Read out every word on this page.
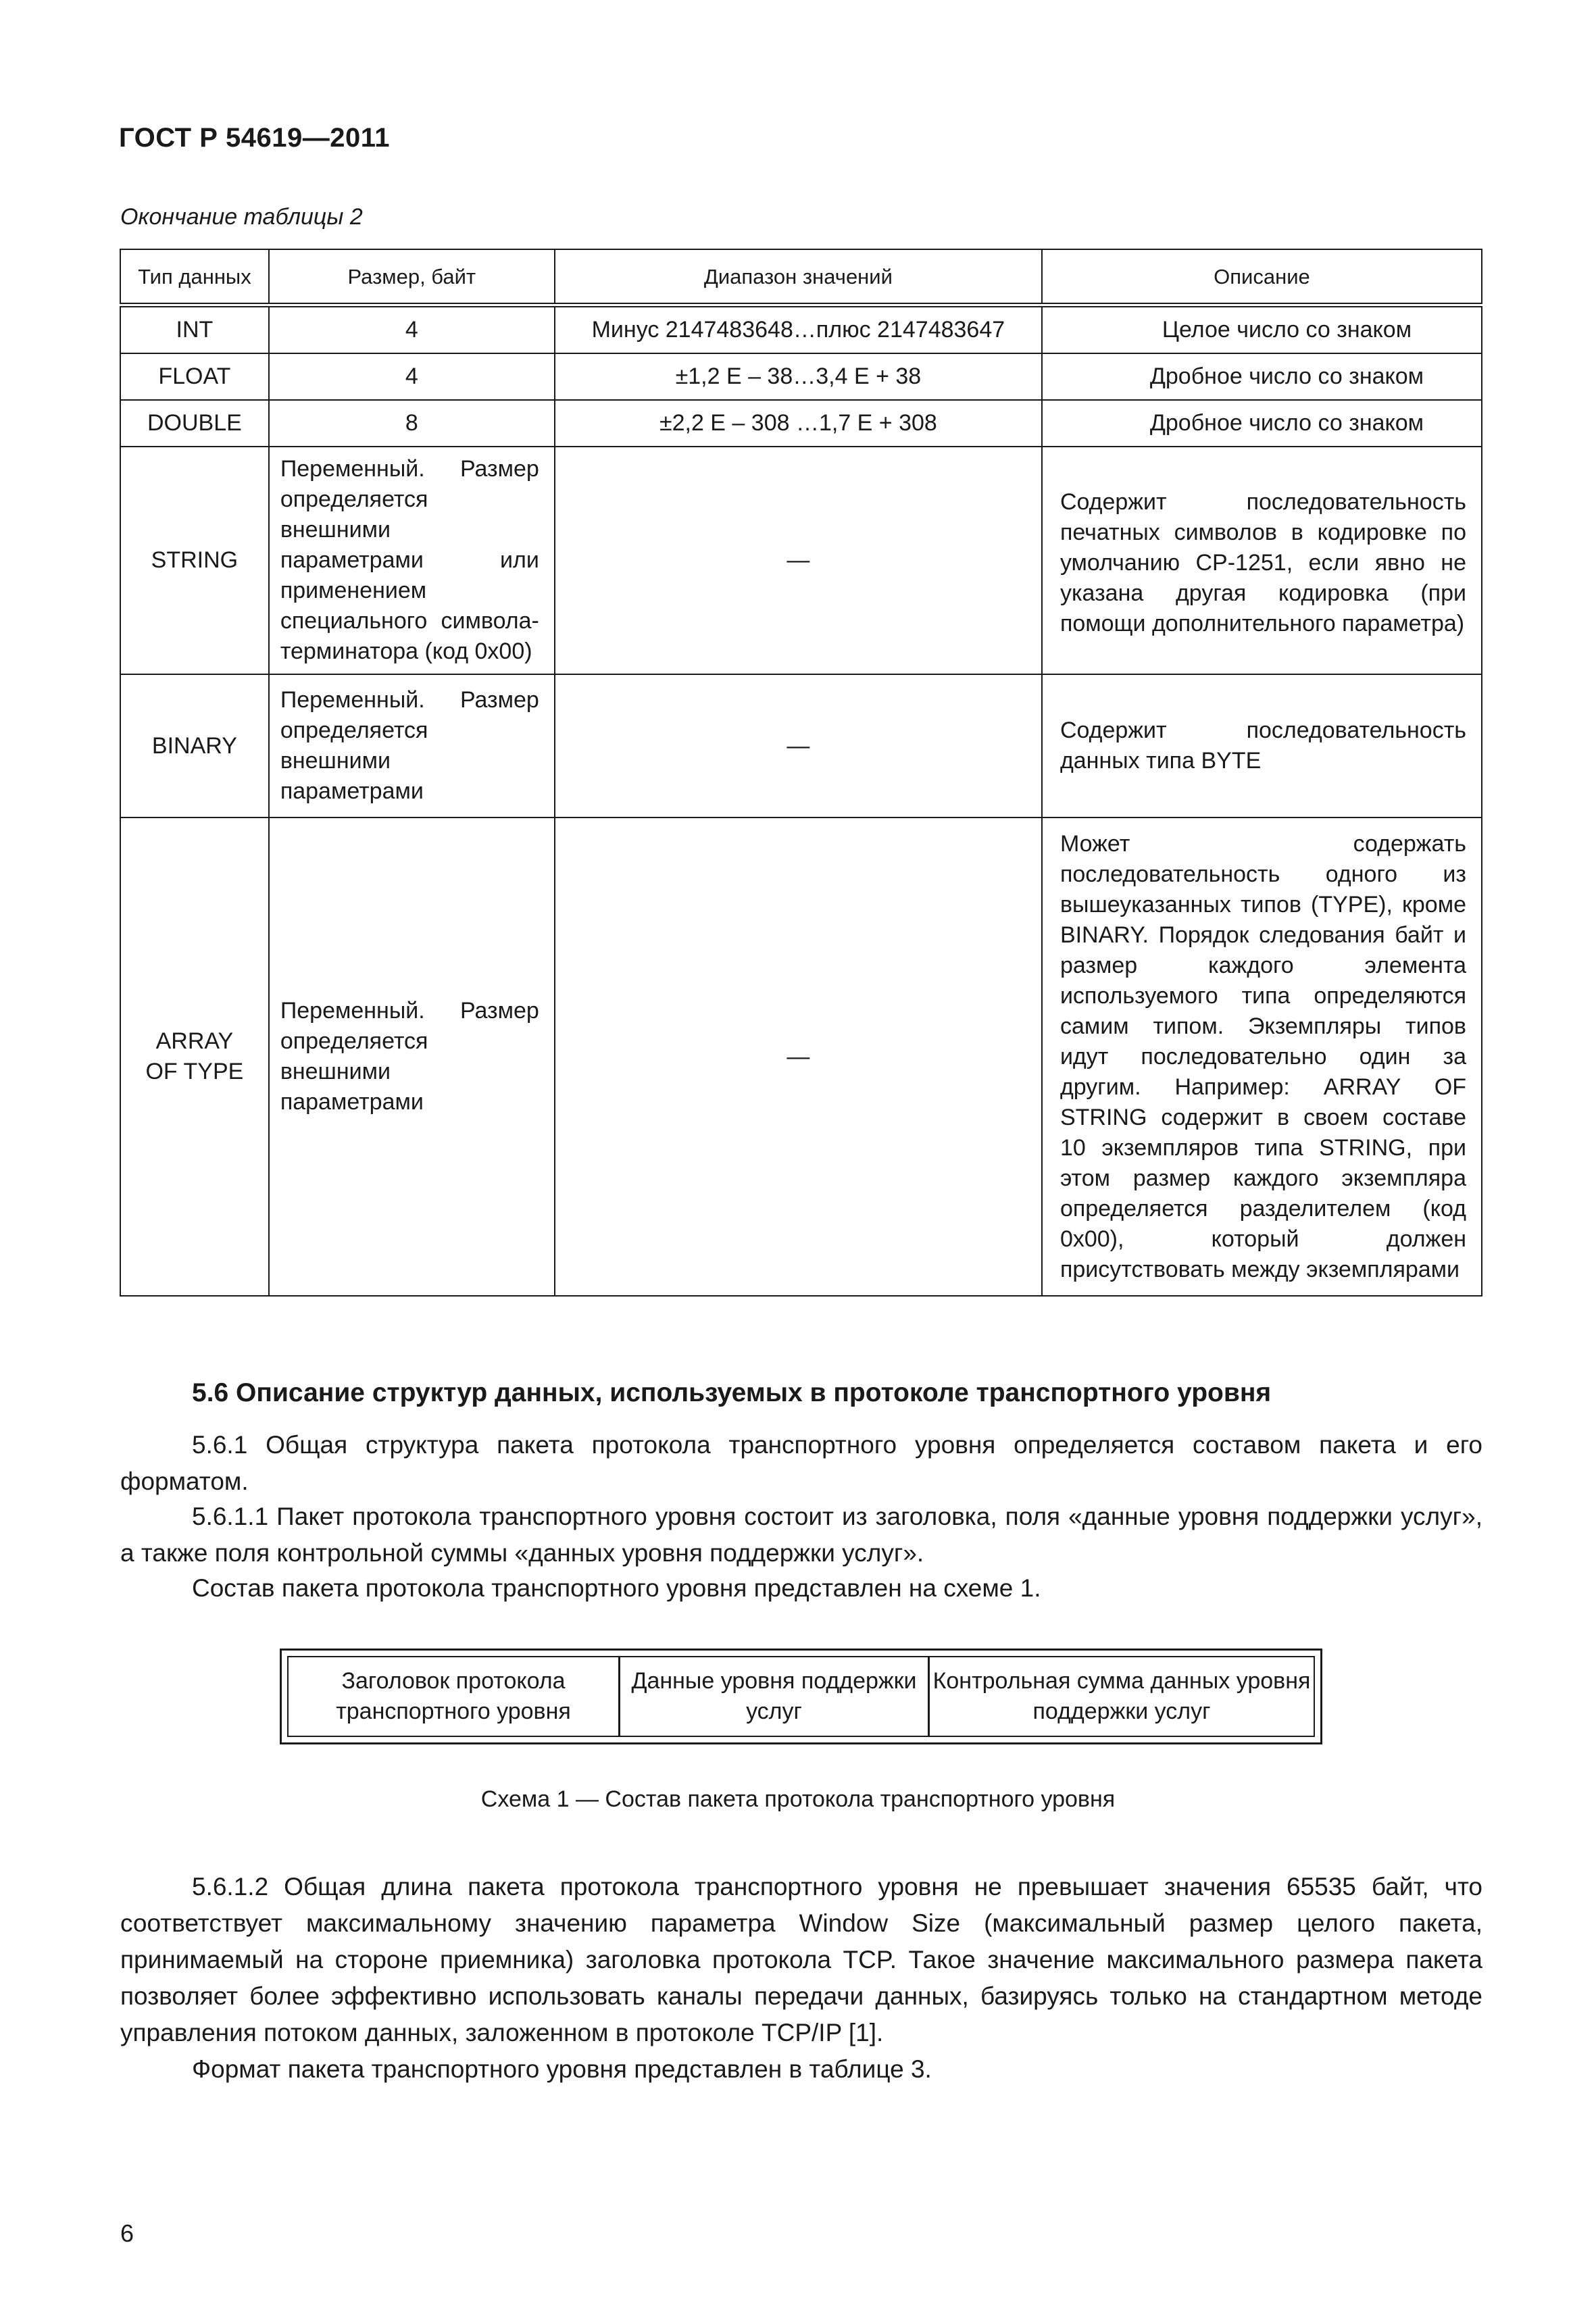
ГОСТ Р 54619—2011
Окончание таблицы 2
Тип данных	Размер, байт	Диапазон значений	Описание
INT	4	Минус 2147483648…плюс 2147483647	Целое число со знаком
FLOAT	4	±1,2 E – 38…3,4 E + 38	Дробное число со знаком
DOUBLE	8	±2,2 E – 308 …1,7 E + 308	Дробное число со знаком

STRING	Переменный. Размер определяется внешними параметрами или применением специального символа-терминатора (код 0x00)	—	Содержит последовательность печатных символов в кодировке по умолчанию CP-1251, если явно не указана другая кодировка (при помощи дополнительного параметра)

BINARY	Переменный. Размер определяется внешними параметрами	—	Содержит последовательность данных типа BYTE

ARRAY OF TYPE	Переменный. Размер определяется внешними параметрами	—	Может содержать последовательность одного из вышеуказанных типов (TYPE), кроме BINARY. Порядок следования байт и размер каждого элемента используемого типа определяются самим типом. Экземпляры типов идут последовательно один за другим. Например: ARRAY OF STRING содержит в своем составе 10 экземпляров типа STRING, при этом размер каждого экземпляра определяется разделителем (код 0x00), который должен присутствовать между экземплярами
5.6 Описание структур данных, используемых в протоколе транспортного уровня
5.6.1 Общая структура пакета протокола транспортного уровня определяется составом пакета и его форматом.
5.6.1.1 Пакет протокола транспортного уровня состоит из заголовка, поля «данные уровня поддержки услуг», а также поля контрольной суммы «данных уровня поддержки услуг».
Состав пакета протокола транспортного уровня представлен на схеме 1.
Заголовок протокола транспортного уровня
Данные уровня поддержки услуг
Контрольная сумма данных уровня поддержки услуг
Схема 1 — Состав пакета протокола транспортного уровня
5.6.1.2 Общая длина пакета протокола транспортного уровня не превышает значения 65535 байт, что соответствует максимальному значению параметра Window Size (максимальный размер целого пакета, принимаемый на стороне приемника) заголовка протокола TCP. Такое значение максимального размера пакета позволяет более эффективно использовать каналы передачи данных, базируясь только на стандартном методе управления потоком данных, заложенном в протоколе TCP/IP [1].
Формат пакета транспортного уровня представлен в таблице 3.
6
